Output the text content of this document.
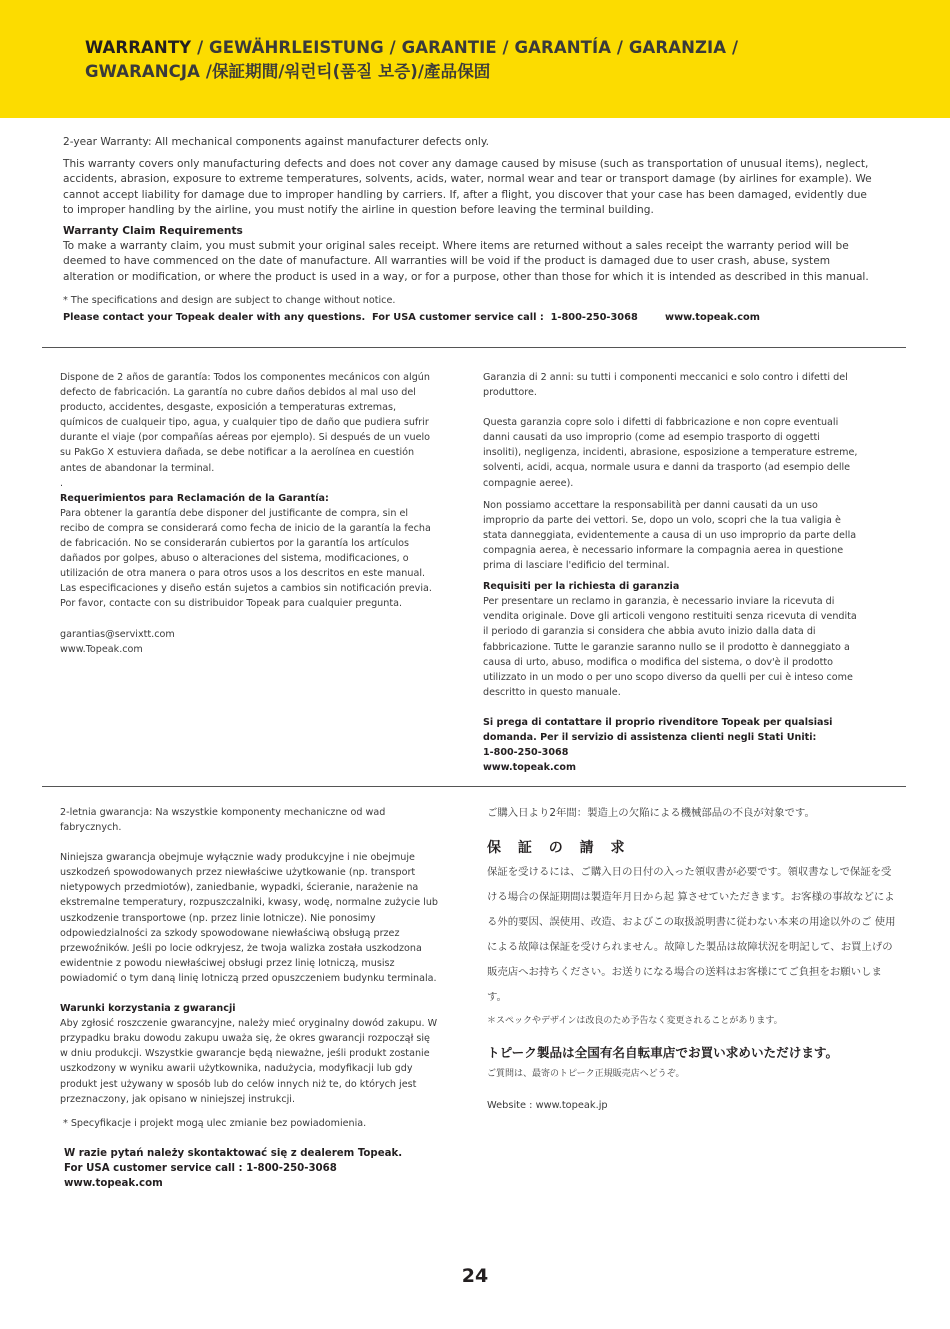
WARRANTY / GEWÄHRLEISTUNG / GARANTIE / GARANTÍA / GARANZIA /
GWARANCJA /保証期間/워런티(품질 보증)/產品保固
2-year Warranty: All mechanical components against manufacturer defects only.
This warranty covers only manufacturing defects and does not cover any damage caused by misuse (such as transportation of unusual items), neglect, accidents, abrasion, exposure to extreme temperatures, solvents, acids, water, normal wear and tear or transport damage (by airlines for example). We cannot accept liability for damage due to improper handling by carriers. If, after a flight, you discover that your case has been damaged, evidently due to improper handling by the airline, you must notify the airline in question before leaving the terminal building.
Warranty Claim Requirements
To make a warranty claim, you must submit your original sales receipt. Where items are returned without a sales receipt the warranty period will be deemed to have commenced on the date of manufacture. All warranties will be void if the product is damaged due to user crash, abuse, system alteration or modification, or where the product is used in a way, or for a purpose, other than those for which it is intended as described in this manual.
* The specifications and design are subject to change without notice.
Please contact your Topeak dealer with any questions.  For USA customer service call :  1-800-250-3068        www.topeak.com
Dispone de 2 años de garantía: Todos los componentes mecánicos con algún defecto de fabricación. La garantía no cubre daños debidos al mal uso del producto, accidentes, desgaste, exposición a temperaturas extremas, químicos de cualqueir tipo, agua, y cualquier tipo de daño que pudiera sufrir durante el viaje (por compañías aéreas por ejemplo). Si después de un vuelo su PakGo X estuviera dañada, se debe notificar a la aerolínea en cuestión antes de abandonar la terminal.
.
Requerimientos para Reclamación de la Garantía:
Para obtener la garantía debe disponer del justificante de compra, sin el recibo de compra se considerará como fecha de inicio de la garantía la fecha de fabricación. No se considerarán cubiertos por la garantía los artículos dañados por golpes, abuso o alteraciones del sistema, modificaciones, o utilización de otra manera o para otros usos a los descritos en este manual.
Las especificaciones y diseño están sujetos a cambios sin notificación previa.
Por favor, contacte con su distribuidor Topeak para cualquier pregunta.
garantias@servixtt.com
www.Topeak.com
Garanzia di 2 anni: su tutti i componenti meccanici e solo contro i difetti del produttore.
Questa garanzia copre solo i difetti di fabbricazione e non copre eventuali danni causati da uso improprio (come ad esempio trasporto di oggetti insoliti), negligenza, incidenti, abrasione, esposizione a temperature estreme, solventi, acidi, acqua, normale usura e danni da trasporto (ad esempio delle compagnie aeree).
Non possiamo accettare la responsabilità per danni causati da un uso improprio da parte dei vettori. Se, dopo un volo, scopri che la tua valigia è stata danneggiata, evidentemente a causa di un uso improprio da parte della compagnia aerea, è necessario informare la compagnia aerea in questione prima di lasciare l'edificio del terminal.
Requisiti per la richiesta di garanzia
Per presentare un reclamo in garanzia, è necessario inviare la ricevuta di vendita originale. Dove gli articoli vengono restituiti senza ricevuta di vendita il periodo di garanzia si considera che abbia avuto inizio dalla data di fabbricazione. Tutte le garanzie saranno nullo se il prodotto è danneggiato a causa di urto, abuso, modifica o modifica del sistema, o dov'è il prodotto utilizzato in un modo o per uno scopo diverso da quelli per cui è inteso come descritto in questo manuale.
Si prega di contattare il proprio rivenditore Topeak per qualsiasi domanda. Per il servizio di assistenza clienti negli Stati Uniti:
1-800-250-3068
www.topeak.com
2-letnia gwarancja: Na wszystkie komponenty mechaniczne od wad fabrycznych.
Niniejsza gwarancja obejmuje wyłącznie wady produkcyjne i nie obejmuje uszkodzeń spowodowanych przez niewłaściwe użytkowanie (np. transport nietypowych przedmiotów), zaniedbanie, wypadki, ścieranie, narażenie na ekstremalne temperatury, rozpuszczalniki, kwasy, wodę, normalne zużycie lub uszkodzenie transportowe (np. przez linie lotnicze). Nie ponosimy odpowiedzialności za szkody spowodowane niewłaściwą obsługą przez przewoźników. Jeśli po locie odkryjesz, że twoja walizka została uszkodzona ewidentnie z powodu niewłaściwej obsługi przez linię lotniczą, musisz powiadomić o tym daną linię lotniczą przed opuszczeniem budynku terminala.
Warunki korzystania z gwarancji
Aby zgłosić roszczenie gwarancyjne, należy mieć oryginalny dowód zakupu. W przypadku braku dowodu zakupu uważa się, że okres gwarancji rozpoczął się w dniu produkcji. Wszystkie gwarancje będą nieważne, jeśli produkt zostanie uszkodzony w wyniku awarii użytkownika, nadużycia, modyfikacji lub gdy produkt jest używany w sposób lub do celów innych niż te, do których jest przeznaczony, jak opisano w niniejszej instrukcji.
* Specyfikacje i projekt mogą ulec zmianie bez powiadomienia.
W razie pytań należy skontaktować się z dealerem Topeak.
For USA customer service call : 1-800-250-3068
www.topeak.com
ご購入日より2年間：製造上の欠陥による機械部品の不良が対象です。
保 証 の 請 求
保証を受けるには、ご購入日の日付の入った領収書が必要です。領収書なしで保証を受ける場合の保証期間は製造年月日から起 算させていただきます。お客様の事故などによる外的要因、誤使用、改造、およびこの取扱説明書に従わない本来の用途以外のご 使用による故障は保証を受けられません。故障した製品は故障状況を明記して、お買上げの販売店へお持ちください。お送りになる場合の送料はお客様にてご負担をお願いします。
＊スペックやデザインは改良のため予告なく変更されることがあります。
トピーク製品は全国有名自転車店でお買い求めいただけます。
ご質問は、最寄のトピーク正規販売店へどうぞ。
Website : www.topeak.jp
24
